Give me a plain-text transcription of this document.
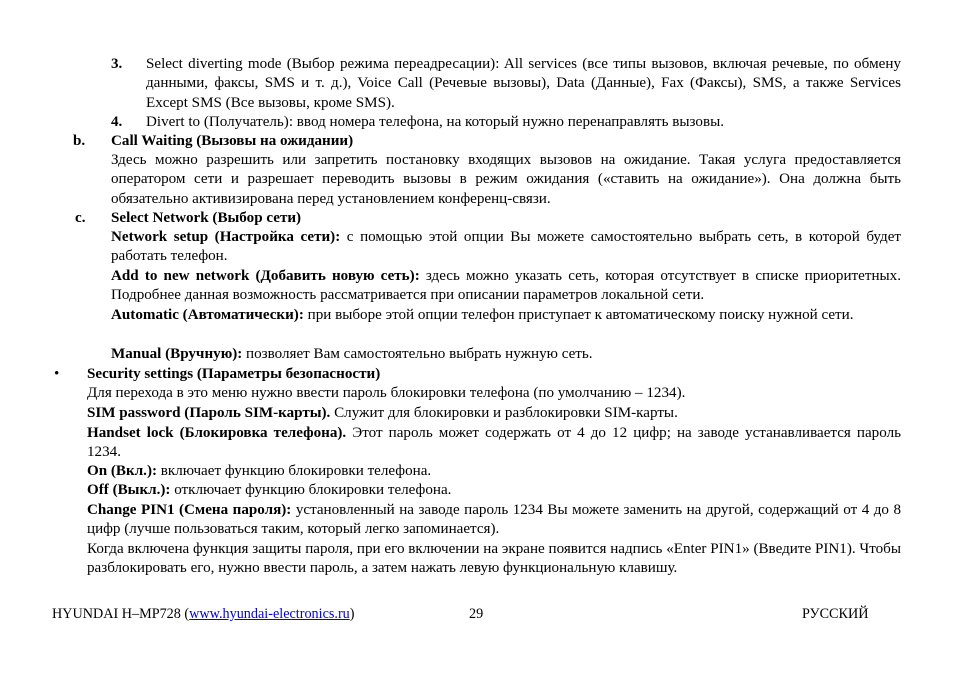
3. Select diverting mode (Выбор режима переадресации): All services (все типы вызовов, включая речевые, по обмену данными, факсы, SMS и т. д.), Voice Call (Речевые вызовы), Data (Данные), Fax (Факсы), SMS, а также Services Except SMS (Все вызовы, кроме SMS).
4. Divert to (Получатель): ввод номера телефона, на который нужно перенаправлять вызовы.
b. Call Waiting (Вызовы на ожидании)
Здесь можно разрешить или запретить постановку входящих вызовов на ожидание. Такая услуга предоставляется оператором сети и разрешает переводить вызовы в режим ожидания («ставить на ожидание»). Она должна быть обязательно активизирована перед установлением конференц-связи.
c. Select Network (Выбор сети)
Network setup (Настройка сети): с помощью этой опции Вы можете самостоятельно выбрать сеть, в которой будет работать телефон.
Add to new network (Добавить новую сеть): здесь можно указать сеть, которая отсутствует в списке приоритетных. Подробнее данная возможность рассматривается при описании параметров локальной сети.
Automatic (Автоматически): при выборе этой опции телефон приступает к автоматическому поиску нужной сети.
Manual (Вручную): позволяет Вам самостоятельно выбрать нужную сеть.
• Security settings (Параметры безопасности)
Для перехода в это меню нужно ввести пароль блокировки телефона (по умолчанию – 1234).
SIM password (Пароль SIM-карты). Служит для блокировки и разблокировки SIM-карты.
Handset lock (Блокировка телефона). Этот пароль может содержать от 4 до 12 цифр; на заводе устанавливается пароль 1234.
On (Вкл.): включает функцию блокировки телефона.
Off (Выкл.): отключает функцию блокировки телефона.
Change PIN1 (Смена пароля): установленный на заводе пароль 1234 Вы можете заменить на другой, содержащий от 4 до 8 цифр (лучше пользоваться таким, который легко запоминается).
Когда включена функция защиты пароля, при его включении на экране появится надпись «Enter PIN1» (Введите PIN1). Чтобы разблокировать его, нужно ввести пароль, а затем нажать левую функциональную клавишу.
HYUNDAI H–MP728 (www.hyundai-electronics.ru)	29	РУССКИЙ
